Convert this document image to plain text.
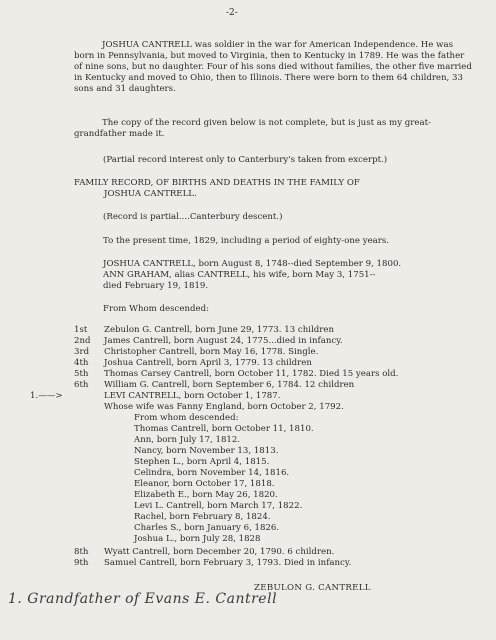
-2-

JOSHUA CANTRELL was soldier in the war for American Independence. He was born in Pennsylvania, but moved to Virginia, then to Kentucky in 1789. He was the father of nine sons, but no daughter. Four of his sons died without families, the other five married in Kentucky and moved to Ohio, then to Illinois. There were born to them 64 children, 33 sons and 31 daughters.

The copy of the record given below is not complete, but is just as my great-grandfather made it.

(Partial record interest only to Canterbury's taken from excerpt.)

FAMILY RECORD, OF BIRTHS AND DEATHS IN THE FAMILY OF
JOSHUA CANTRELL.
(Record is partial....Canterbury descent.)
To the present time, 1829, including a period of eighty-one years.
JOSHUA CANTRELL, born August 8, 1748--died September 9, 1800.
ANN GRAHAM, alias CANTRELL, his wife, born May 3, 1751--
died February 19, 1819.
From Whom descended:
1st	Zebulon G. Cantrell, born June 29, 1773. 13 children
2nd	James Cantrell, born August 24, 1775...died in infancy.
3rd	Christopher Cantrell, born May 16, 1778. Single.
4th	Joshua Cantrell, born April 3, 1779. 13 children
5th	Thomas Carsey Cantrell, born October 11, 1782. Died 15 years old.
6th	William G. Cantrell, born September 6, 1784. 12 children
1.——>	LEVI CANTRELL, born October 1, 1787.
Whose wife was Fanny England, born October 2, 1792.
From whom descended:
Thomas Cantrell, born October 11, 1810.
Ann, born July 17, 1812.
Nancy, born November 13, 1813.
Stephen L., born April 4, 1815.
Celindra, born November 14, 1816.
Eleanor, born October 17, 1818.
Elizabeth E., born May 26, 1820.
Levi L. Cantrell, born March 17, 1822.
Rachel, born February 8, 1824.
Charles S., born January 6, 1826.
Joshua L., born July 28, 1828
8th	Wyatt Cantrell, born December 20, 1790. 6 children.
9th	Samuel Cantrell, born February 3, 1793. Died in infancy.
ZEBULON G. CANTRELL
1. Grandfather of Evans E. Cantrell
